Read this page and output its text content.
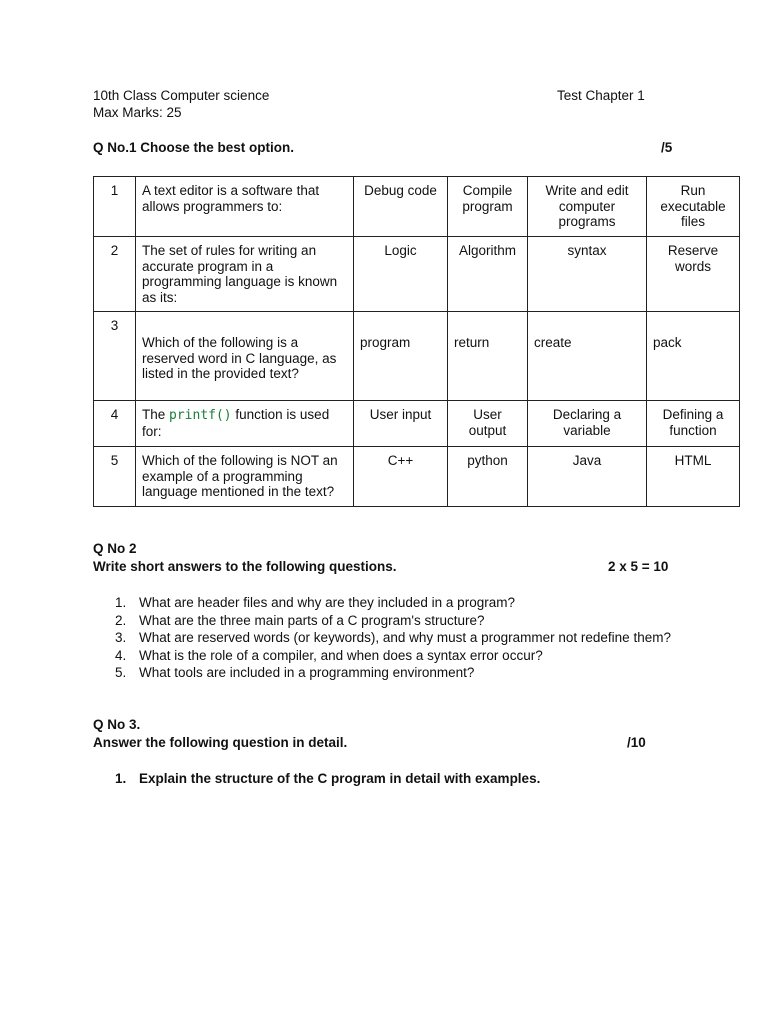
10th Class Computer science	Test Chapter 1
Max Marks: 25
Q No.1 Choose the best option.	/5
1	A text editor is a software that allows programmers to:	Debug code	Compile program	Write and edit computer programs	Run executable files
2	The set of rules for writing an accurate program in a programming language is known as its:	Logic	Algorithm	syntax	Reserve words
3	Which of the following is a reserved word in C language, as listed in the provided text?	program	return	create	pack
4	The printf() function is used for:	User input	User output	Declaring a variable	Defining a function
5	Which of the following is NOT an example of a programming language mentioned in the text?	C++	python	Java	HTML
Q No 2
Write short answers to the following questions.	2 x 5 = 10
1. What are header files and why are they included in a program?
2. What are the three main parts of a C program's structure?
3. What are reserved words (or keywords), and why must a programmer not redefine them?
4. What is the role of a compiler, and when does a syntax error occur?
5. What tools are included in a programming environment?
Q No 3.
Answer the following question in detail.	/10
1. Explain the structure of the C program in detail with examples.
